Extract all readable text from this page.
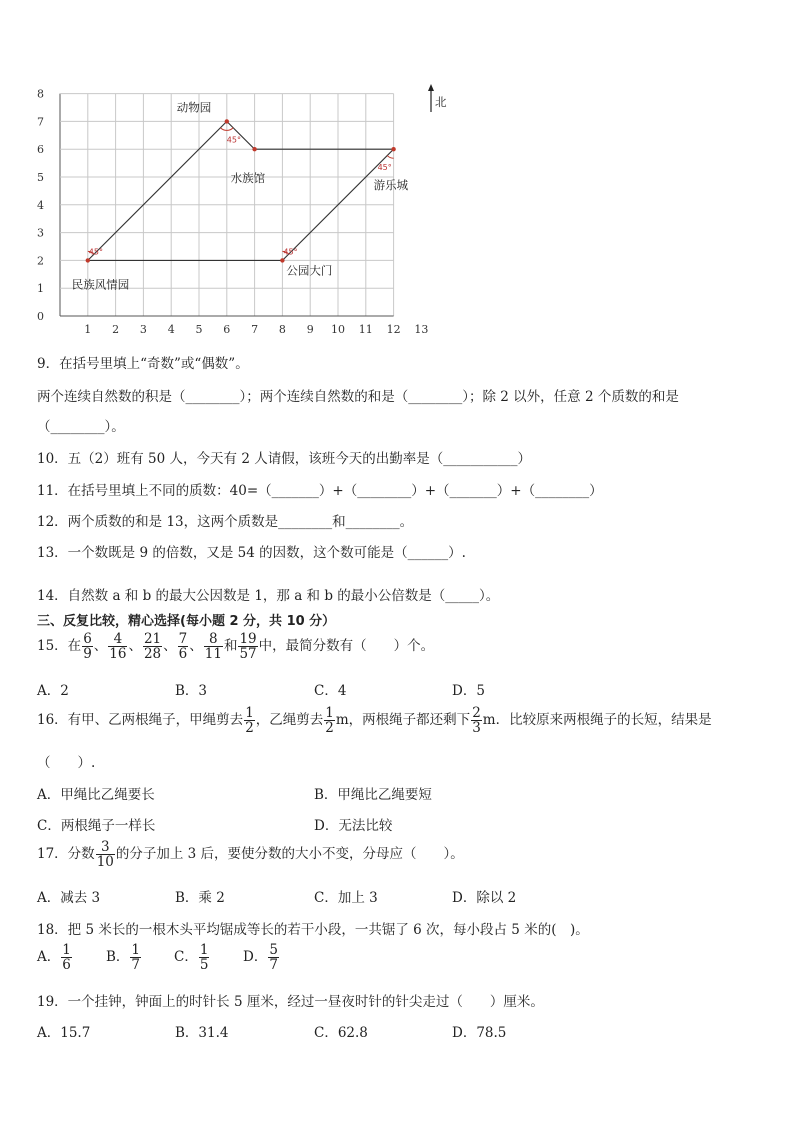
1 2 3 4 5 6 7 8 9 10 11 12 13
0
1
2
3
4
5
6
7
8
45°
45°
45°
45°
动物园
水族馆	游乐城
民族风情园
公园大门
北
9．在括号里填上“奇数”或“偶数”。
两个连续自然数的积是（________）；两个连续自然数的和是（________）；除 2 以外，任意 2 个质数的和是
（________）。
10．五（2）班有 50 人，今天有 2 人请假，该班今天的出勤率是（___________）
11．在括号里填上不同的质数：40=（_______）+（________）+（_______）+（________）
12．两个质数的和是 13，这两个质数是________和________。
13．一个数既是 9 的倍数，又是 54 的因数，这个数可能是（______）.
14．自然数 a 和 b 的最大公因数是 1，那 a 和 b 的最小公倍数是（_____）。
三、反复比较，精心选择(每小题 2 分，共 10 分）
15．在 $\frac{6}{9}$ 、 $\frac{4}{16}$ 、 $\frac{21}{28}$ 、 $\frac{7}{6}$ 、 $\frac{8}{11}$ 和 $\frac{19}{57}$ 中，最简分数有（　　）个。
A．2	B．3	C．4	D．5
16．有甲、乙两根绳子，甲绳剪去 $\frac{1}{2}$ ，乙绳剪去 $\frac{1}{2}$ m，两根绳子都还剩下 $\frac{2}{3}$ m．比较原来两根绳子的长短，结果是
（　　）.
A．甲绳比乙绳要长	B．甲绳比乙绳要短
C．两根绳子一样长	D．无法比较
17．分数 $\frac{3}{10}$ 的分子加上 3 后，要使分数的大小不变，分母应（　　）。
A．减去 3	B．乘 2	C．加上 3	D．除以 2
18．把 5 米长的一根木头平均锯成等长的若干小段，一共锯了 6 次，每小段占 5 米的(　)。
A． $\frac{1}{6}$	B． $\frac{1}{7}$ C． $\frac{1}{5}$ D． $\frac{5}{7}$
19．一个挂钟，钟面上的时针长 5 厘米，经过一昼夜时针的针尖走过（　　）厘米。
A．15.7	B．31.4	C．62.8	D．78.5
